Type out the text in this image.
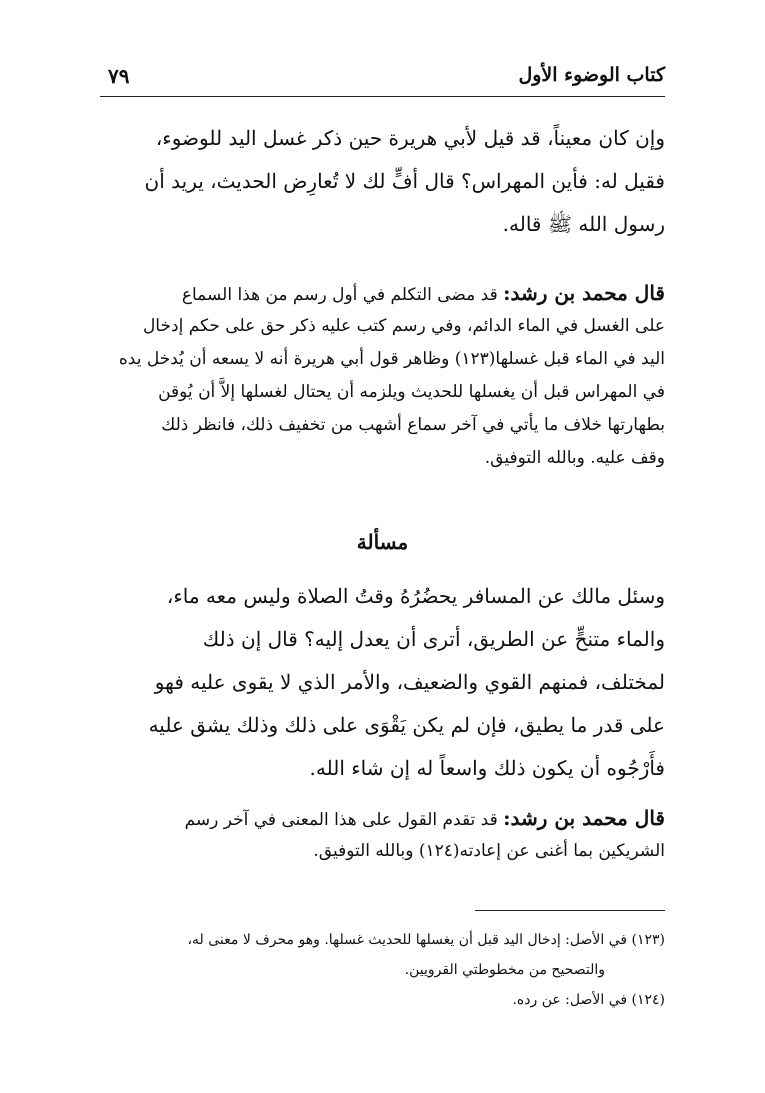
كتاب الوضوء الأول
٧٩
وإن كان معيناً، قد قيل لأبي هريرة حين ذكر غسل اليد للوضوء،
فقيل له: فأين المهراس؟ قال أفٍّ لك لا تُعارِض الحديث، يريد أن
رسول الله ﷺ قاله.
قال محمد بن رشد: قد مضى التكلم في أول رسم من هذا السماع
على الغسل في الماء الدائم، وفي رسم كتب عليه ذكر حق على حكم إدخال
اليد في الماء قبل غسلها(١٢٣) وظاهر قول أبي هريرة أنه لا يسعه أن يُدخل يده
في المهراس قبل أن يغسلها للحديث ويلزمه أن يحتال لغسلها إلاَّ أن يُوقن
بطهارتها خلاف ما يأتي في آخر سماع أشهب من تخفيف ذلك، فانظر ذلك
وقف عليه. وبالله التوفيق.
مسألة
وسئل مالك عن المسافر يحضُرُهُ وقتُ الصلاة وليس معه ماء،
والماء متنحٍّ عن الطريق، أترى أن يعدل إليه؟ قال إن ذلك
لمختلف، فمنهم القوي والضعيف، والأمر الذي لا يقوى عليه فهو
على قدر ما يطيق، فإن لم يكن يَقْوَى على ذلك وذلك يشق عليه
فأَرْجُوه أن يكون ذلك واسعاً له إن شاء الله.
قال محمد بن رشد: قد تقدم القول على هذا المعنى في آخر رسم
الشريكين بما أغنى عن إعادته(١٢٤) وبالله التوفيق.
(١٢٣) في الأصل: إدخال اليد قبل أن يغسلها للحديث غسلها. وهو محرف لا معنى له،
والتصحيح من مخطوطتي القرويين.
(١٢٤) في الأصل: عن رده.
